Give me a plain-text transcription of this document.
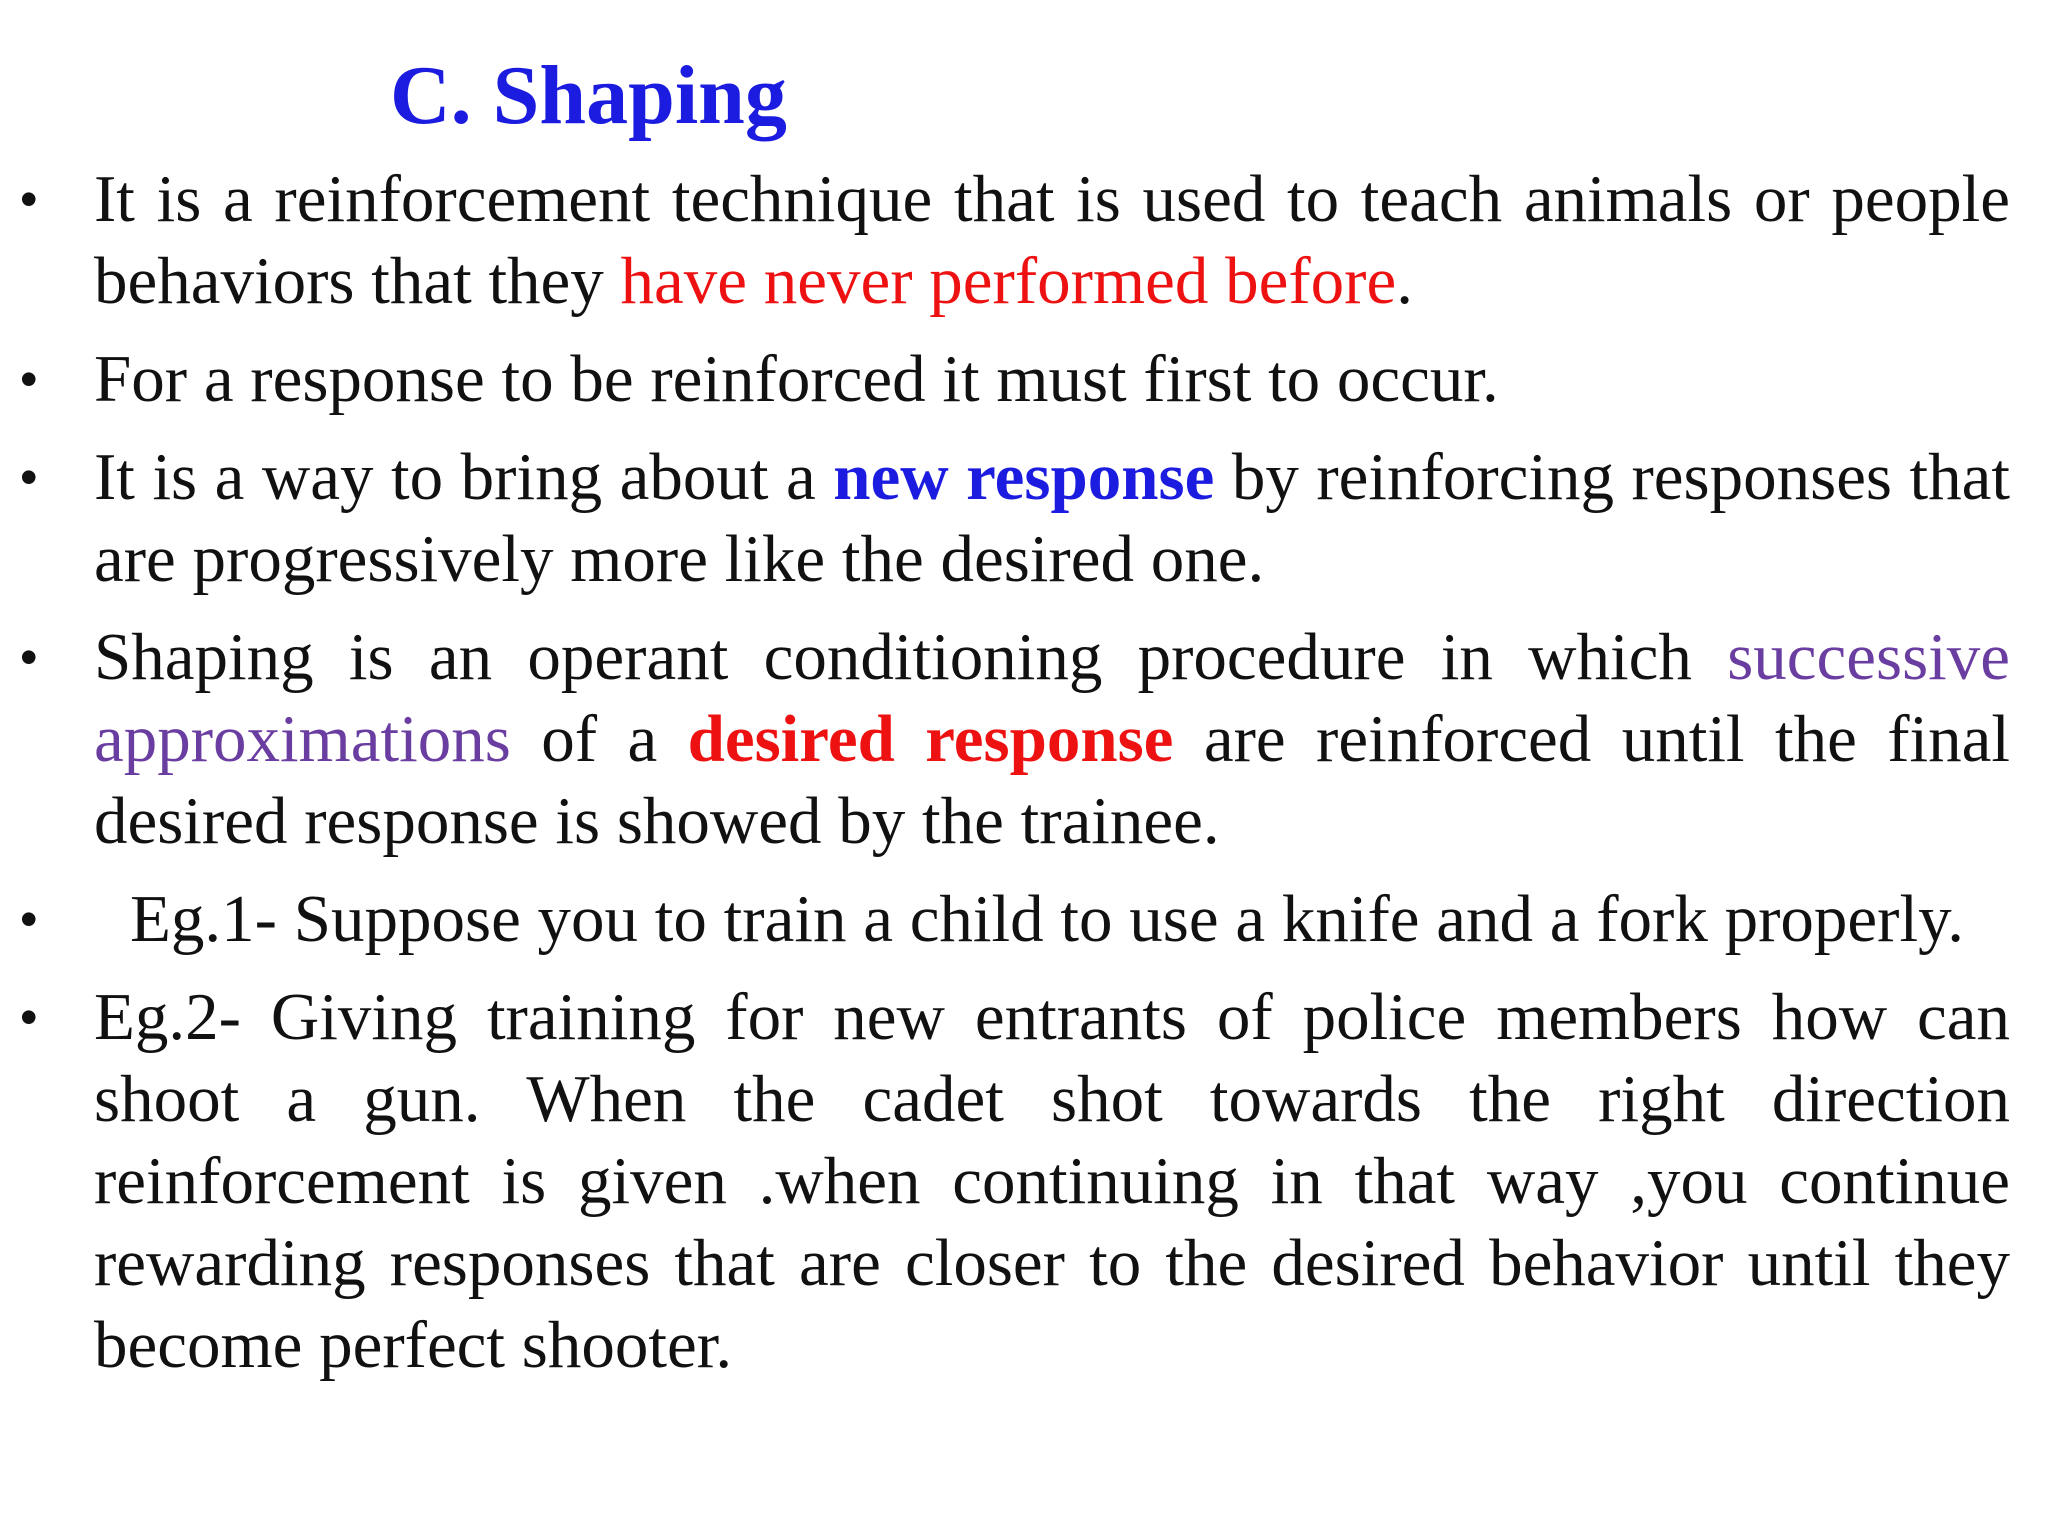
C. Shaping
• It is a reinforcement technique that is used to teach animals or people behaviors that they have never performed before.
• For a response to be reinforced it must first to occur.
• It is a way to bring about a new response by reinforcing responses that are progressively more like the desired one.
• Shaping is an operant conditioning procedure in which successive approximations of a desired response are reinforced until the final desired response is showed by the trainee.
• Eg.1- Suppose you to train a child to use a knife and a fork properly.
• Eg.2- Giving training for new entrants of police members how can shoot a gun. When the cadet shot towards the right direction reinforcement is given .when continuing in that way ,you continue rewarding responses that are closer to the desired behavior until they become perfect shooter.
